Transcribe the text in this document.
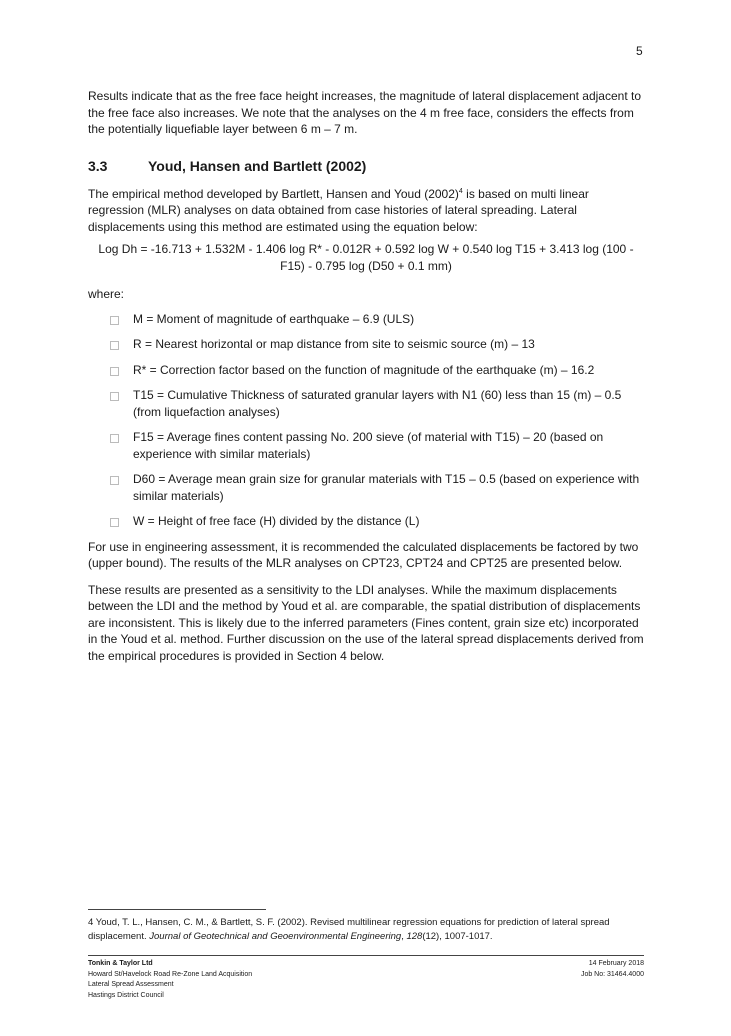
5

Results indicate that as the free face height increases, the magnitude of lateral displacement adjacent to the free face also increases. We note that the analyses on the 4 m free face, considers the effects from the potentially liquefiable layer between 6 m – 7 m.

3.3	Youd, Hansen and Bartlett (2002)

The empirical method developed by Bartlett, Hansen and Youd $(2002)^4$ is based on multi linear regression (MLR) analyses on data obtained from case histories of lateral spreading. Lateral displacements using this method are estimated using the equation below:

Log Dh = -16.713 + 1.532M - 1.406 log R* - 0.012R + 0.592 log W + 0.540 log T15 + 3.413 log (100 - F15) - 0.795 log (D50 + 0.1 mm)

where:

M = Moment of magnitude of earthquake – 6.9 (ULS)
R = Nearest horizontal or map distance from site to seismic source (m) – 13
R* = Correction factor based on the function of magnitude of the earthquake (m) – 16.2
T15 = Cumulative Thickness of saturated granular layers with N1 (60) less than 15 (m) – 0.5 (from liquefaction analyses)
F15 = Average fines content passing No. 200 sieve (of material with T15) – 20 (based on experience with similar materials)
D60 = Average mean grain size for granular materials with T15 – 0.5 (based on experience with similar materials)
W = Height of free face (H) divided by the distance (L)

For use in engineering assessment, it is recommended the calculated displacements be factored by two (upper bound). The results of the MLR analyses on CPT23, CPT24 and CPT25 are presented below.

These results are presented as a sensitivity to the LDI analyses. While the maximum displacements between the LDI and the method by Youd et al. are comparable, the spatial distribution of displacements are inconsistent. This is likely due to the inferred parameters (Fines content, grain size etc) incorporated in the Youd et al. method. Further discussion on the use of the lateral spread displacements derived from the empirical procedures is provided in Section 4 below.

4 Youd, T. L., Hansen, C. M., & Bartlett, S. F. (2002). Revised multilinear regression equations for prediction of lateral spread displacement. Journal of Geotechnical and Geoenvironmental Engineering, 128(12), 1007-1017.
Tonkin & Taylor Ltd
Howard St/Havelock Road Re-Zone Land Acquisition
Lateral Spread Assessment
Hastings District Council
14 February 2018
Job No: 31464.4000
